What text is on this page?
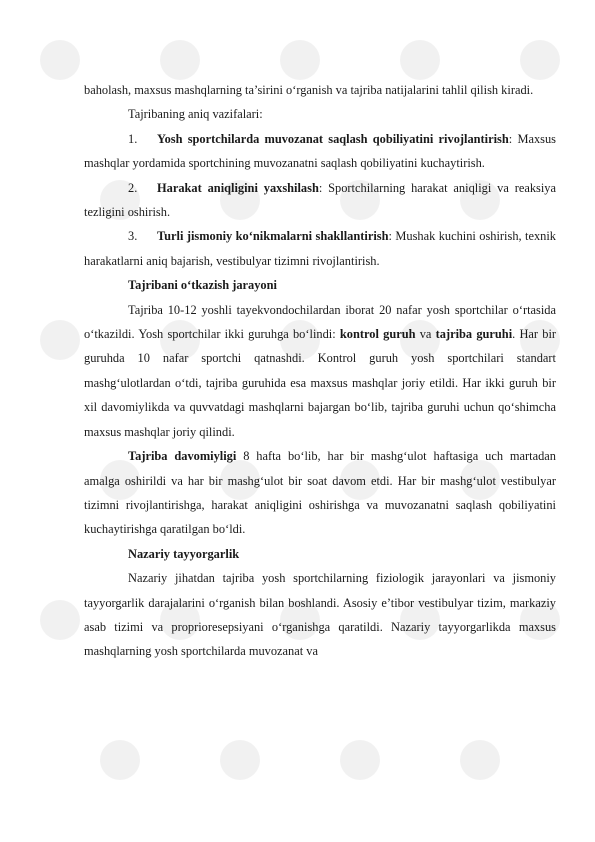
baholash, maxsus mashqlarning ta’sirini o‘rganish va tajriba natijalarini tahlil qilish kiradi.

Tajribaning aniq vazifalari:

1. Yosh sportchilarda muvozanat saqlash qobiliyatini rivojlantirish: Maxsus mashqlar yordamida sportchining muvozanatni saqlash qobiliyatini kuchaytirish.

2. Harakat aniqligini yaxshilash: Sportchilarning harakat aniqligi va reaksiya tezligini oshirish.

3. Turli jismoniy ko‘nikmalarni shakllantirish: Mushak kuchini oshirish, texnik harakatlarni aniq bajarish, vestibulyar tizimni rivojlantirish.

Tajribani o‘tkazish jarayoni

Tajriba 10-12 yoshli tayekvondochilardan iborat 20 nafar yosh sportchilar o‘rtasida o‘tkazildi. Yosh sportchilar ikki guruhga bo‘lindi: kontrol guruh va tajriba guruhi. Har bir guruhda 10 nafar sportchi qatnashdi. Kontrol guruh yosh sportchilari standart mashg‘ulotlardan o‘tdi, tajriba guruhida esa maxsus mashqlar joriy etildi. Har ikki guruh bir xil davomiylikda va quvvatdagi mashqlarni bajargan bo‘lib, tajriba guruhi uchun qo‘shimcha maxsus mashqlar joriy qilindi.

Tajriba davomiyligi 8 hafta bo‘lib, har bir mashg‘ulot haftasiga uch martadan amalga oshirildi va har bir mashg‘ulot bir soat davom etdi. Har bir mashg‘ulot vestibulyar tizimni rivojlantirishga, harakat aniqligini oshirishga va muvozanatni saqlash qobiliyatini kuchaytirishga qaratilgan bo‘ldi.

Nazariy tayyorgarlik

Nazariy jihatdan tajriba yosh sportchilarning fiziologik jarayonlari va jismoniy tayyorgarlik darajalarini o‘rganish bilan boshlandi. Asosiy e’tibor vestibulyar tizim, markaziy asab tizimi va proprioresepsiyani o‘rganishga qaratildi. Nazariy tayyorgarlikda maxsus mashqlarning yosh sportchilarda muvozanat va
